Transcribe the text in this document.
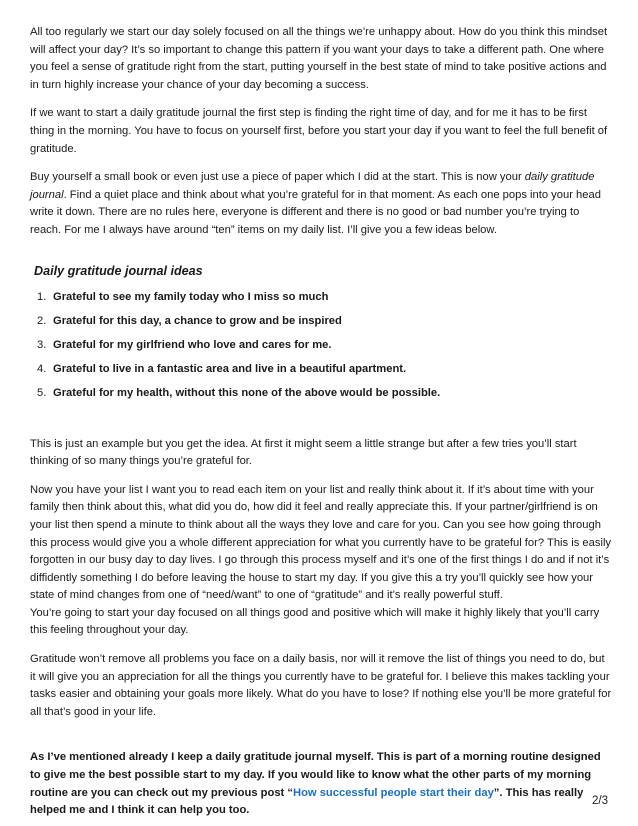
All too regularly we start our day solely focused on all the things we’re unhappy about. How do you think this mindset will affect your day? It’s so important to change this pattern if you want your days to take a different path. One where you feel a sense of gratitude right from the start, putting yourself in the best state of mind to take positive actions and in turn highly increase your chance of your day becoming a success.

If we want to start a daily gratitude journal the first step is finding the right time of day, and for me it has to be first thing in the morning. You have to focus on yourself first, before you start your day if you want to feel the full benefit of gratitude.

Buy yourself a small book or even just use a piece of paper which I did at the start. This is now your daily gratitude journal. Find a quiet place and think about what you’re grateful for in that moment. As each one pops into your head write it down. There are no rules here, everyone is different and there is no good or bad number you’re trying to reach. For me I always have around “ten” items on my daily list. I’ll give you a few ideas below.

Daily gratitude journal ideas
1. Grateful to see my family today who I miss so much
2. Grateful for this day, a chance to grow and be inspired
3. Grateful for my girlfriend who love and cares for me.
4. Grateful to live in a fantastic area and live in a beautiful apartment.
5. Grateful for my health, without this none of the above would be possible.

This is just an example but you get the idea. At first it might seem a little strange but after a few tries you’ll start thinking of so many things you’re grateful for.

Now you have your list I want you to read each item on your list and really think about it. If it’s about time with your family then think about this, what did you do, how did it feel and really appreciate this. If your partner/girlfriend is on your list then spend a minute to think about all the ways they love and care for you. Can you see how going through this process would give you a whole different appreciation for what you currently have to be grateful for? This is easily forgotten in our busy day to day lives. I go through this process myself and it’s one of the first things I do and if not it’s diffidently something I do before leaving the house to start my day. If you give this a try you’ll quickly see how your state of mind changes from one of “need/want” to one of “gratitude” and it’s really powerful stuff.
You’re going to start your day focused on all things good and positive which will make it highly likely that you’ll carry this feeling throughout your day.

Gratitude won’t remove all problems you face on a daily basis, nor will it remove the list of things you need to do, but it will give you an appreciation for all the things you currently have to be grateful for. I believe this makes tackling your tasks easier and obtaining your goals more likely. What do you have to lose? If nothing else you’ll be more grateful for all that’s good in your life.

As I’ve mentioned already I keep a daily gratitude journal myself. This is part of a morning routine designed to give me the best possible start to my day. If you would like to know what the other parts of my morning routine are you can check out my previous post “How successful people start their day”. This has really helped me and I think it can help you too.

2/3
